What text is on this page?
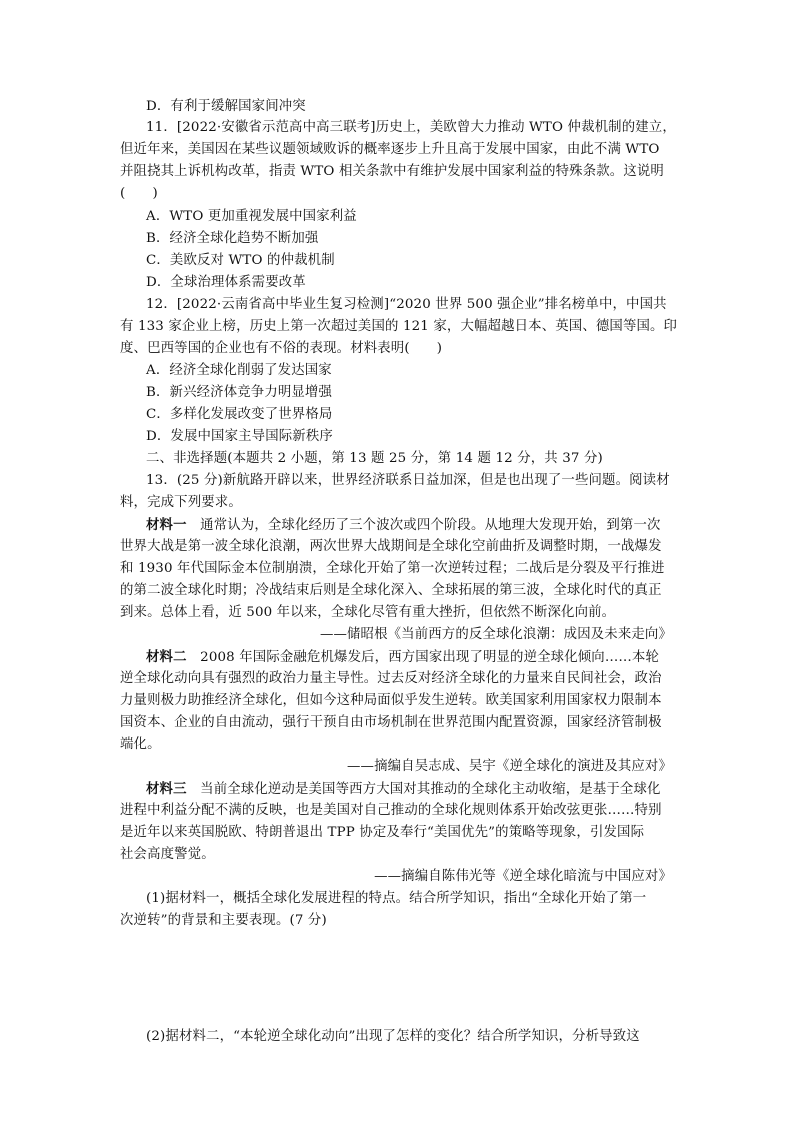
D．有利于缓解国家间冲突
11．[2022·安徽省示范高中高三联考]历史上，美欧曾大力推动 WTO 仲裁机制的建立，
但近年来，美国因在某些议题领域败诉的概率逐步上升且高于发展中国家，由此不满 WTO
并阻挠其上诉机构改革，指责 WTO 相关条款中有维护发展中国家利益的特殊条款。这说明
(　　)
A．WTO 更加重视发展中国家利益
B．经济全球化趋势不断加强
C．美欧反对 WTO 的仲裁机制
D．全球治理体系需要改革
12．[2022·云南省高中毕业生复习检测]“2020 世界 500 强企业”排名榜单中，中国共
有 133 家企业上榜，历史上第一次超过美国的 121 家，大幅超越日本、英国、德国等国。印
度、巴西等国的企业也有不俗的表现。材料表明(　　)
A．经济全球化削弱了发达国家
B．新兴经济体竞争力明显增强
C．多样化发展改变了世界格局
D．发展中国家主导国际新秩序
二、非选择题(本题共 2 小题，第 13 题 25 分，第 14 题 12 分，共 37 分)
13．(25 分)新航路开辟以来，世界经济联系日益加深，但是也出现了一些问题。阅读材
料，完成下列要求。
材料一　通常认为，全球化经历了三个波次或四个阶段。从地理大发现开始，到第一次
世界大战是第一波全球化浪潮，两次世界大战期间是全球化空前曲折及调整时期，一战爆发
和 1930 年代国际金本位制崩溃，全球化开始了第一次逆转过程；二战后是分裂及平行推进
的第二波全球化时期；冷战结束后则是全球化深入、全球拓展的第三波，全球化时代的真正
到来。总体上看，近 500 年以来，全球化尽管有重大挫折，但依然不断深化向前。
——储昭根《当前西方的反全球化浪潮：成因及未来走向》
材料二　2008 年国际金融危机爆发后，西方国家出现了明显的逆全球化倾向……本轮
逆全球化动向具有强烈的政治力量主导性。过去反对经济全球化的力量来自民间社会，政治
力量则极力助推经济全球化，但如今这种局面似乎发生逆转。欧美国家利用国家权力限制本
国资本、企业的自由流动，强行干预自由市场机制在世界范围内配置资源，国家经济管制极
端化。
——摘编自吴志成、吴宇《逆全球化的演进及其应对》
材料三　当前全球化逆动是美国等西方大国对其推动的全球化主动收缩，是基于全球化
进程中利益分配不满的反映，也是美国对自己推动的全球化规则体系开始改弦更张……特别
是近年以来英国脱欧、特朗普退出 TPP 协定及奉行“美国优先”的策略等现象，引发国际
社会高度警觉。
——摘编自陈伟光等《逆全球化暗流与中国应对》
(1)据材料一，概括全球化发展进程的特点。结合所学知识，指出“全球化开始了第一
次逆转”的背景和主要表现。(7 分)
(2)据材料二，“本轮逆全球化动向”出现了怎样的变化？结合所学知识，分析导致这
